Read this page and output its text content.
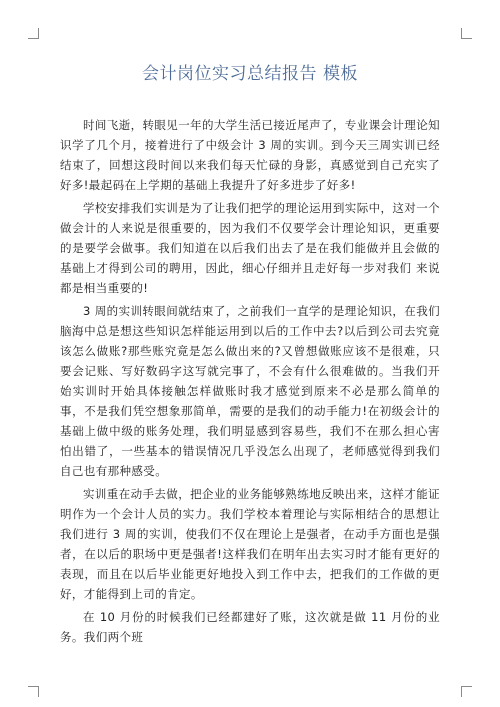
会计岗位实习总结报告 模板

时间飞逝，转眼见一年的大学生活已接近尾声了，专业课会计理论知识学了几个月，接着进行了中级会计 3 周的实训。到今天三周实训已经结束了，回想这段时间以来我们每天忙碌的身影，真感觉到自己充实了好多!最起码在上学期的基础上我提升了好多进步了好多!

学校安排我们实训是为了让我们把学的理论运用到实际中，这对一个做会计的人来说是很重要的，因为我们不仅要学会计理论知识，更重要的是要学会做事。我们知道在以后我们出去了是在我们能做并且会做的基础上才得到公司的聘用，因此，细心仔细并且走好每一步对我们 来说都是相当重要的!

3 周的实训转眼间就结束了，之前我们一直学的是理论知识，在我们脑海中总是想这些知识怎样能运用到以后的工作中去?以后到公司去究竟该怎么做账?那些账究竟是怎么做出来的?又曾想做账应该不是很难，只要会记账、写好数码字这写就完事了，不会有什么很难做的。当我们开始实训时开始具体接触怎样做账时我才感觉到原来不必是那么简单的事，不是我们凭空想象那简单，需要的是我们的动手能力!在初级会计的基础上做中级的账务处理，我们明显感到容易些，我们不在那么担心害怕出错了，一些基本的错误情况几乎没怎么出现了，老师感觉得到我们自己也有那种感受。

实训重在动手去做，把企业的业务能够熟练地反映出来，这样才能证明作为一个会计人员的实力。我们学校本着理论与实际相结合的思想让我们进行 3 周的实训，使我们不仅在理论上是强者，在动手方面也是强者，在以后的职场中更是强者!这样我们在明年出去实习时才能有更好的表现，而且在以后毕业能更好地投入到工作中去，把我们的工作做的更好，才能得到上司的肯定。

在 10 月份的时候我们已经都建好了账，这次就是做 11 月份的业务。我们两个班
